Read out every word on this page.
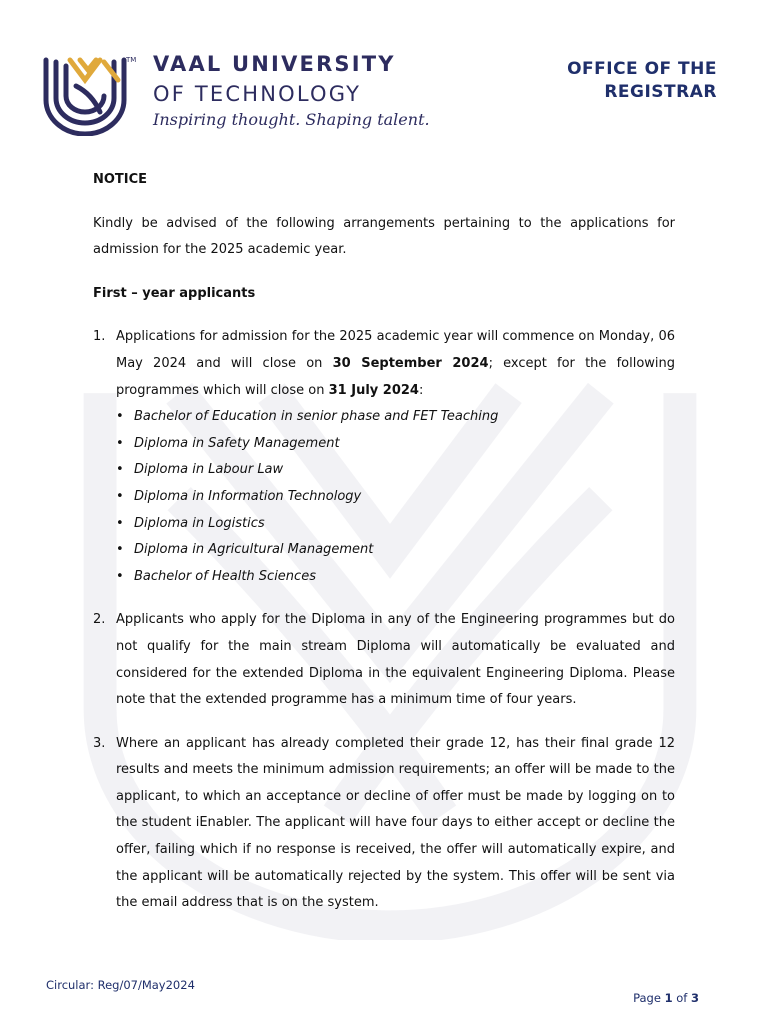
TM VAAL UNIVERSITY
OF TECHNOLOGY
Inspiring thought. Shaping talent.
OFFICE OF THE
REGISTRAR

NOTICE

Kindly be advised of the following arrangements pertaining to the applications for admission for the 2025 academic year.

First – year applicants

1. Applications for admission for the 2025 academic year will commence on Monday, 06 May 2024 and will close on 30 September 2024; except for the following programmes which will close on 31 July 2024:
• Bachelor of Education in senior phase and FET Teaching
• Diploma in Safety Management
• Diploma in Labour Law
• Diploma in Information Technology
• Diploma in Logistics
• Diploma in Agricultural Management
• Bachelor of Health Sciences
2. Applicants who apply for the Diploma in any of the Engineering programmes but do not qualify for the main stream Diploma will automatically be evaluated and considered for the extended Diploma in the equivalent Engineering Diploma. Please note that the extended programme has a minimum time of four years.
3. Where an applicant has already completed their grade 12, has their final grade 12 results and meets the minimum admission requirements; an offer will be made to the applicant, to which an acceptance or decline of offer must be made by logging on to the student iEnabler. The applicant will have four days to either accept or decline the offer, failing which if no response is received, the offer will automatically expire, and the applicant will be automatically rejected by the system. This offer will be sent via the email address that is on the system.
Circular: Reg/07/May2024
Page 1 of 3
